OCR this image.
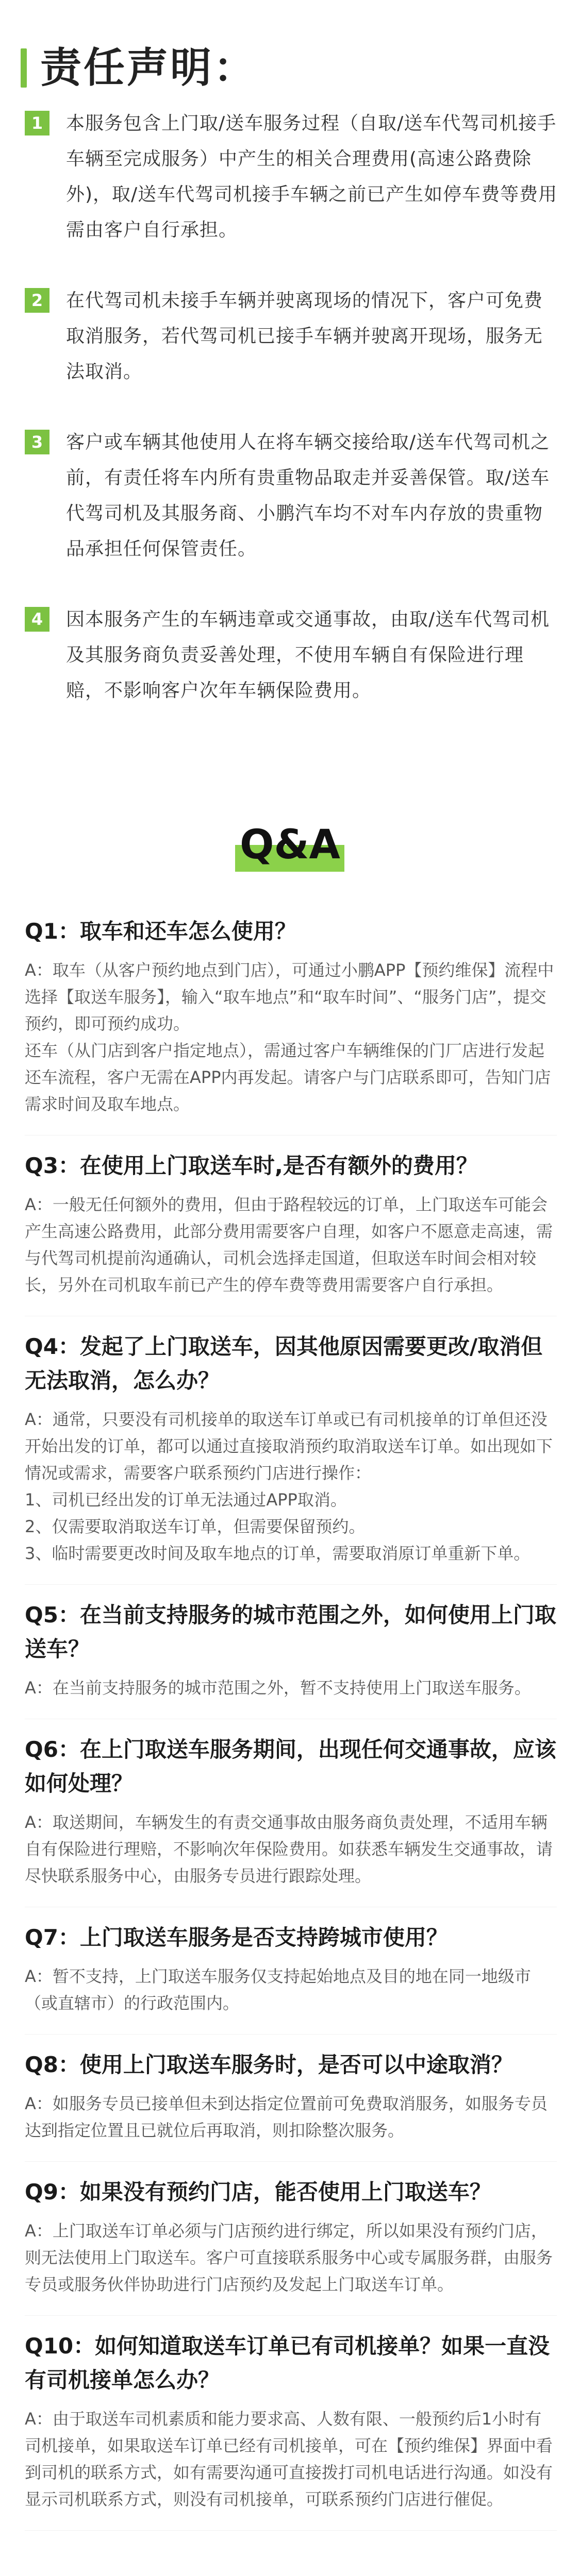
责任声明：
1	本服务包含上门取/送车服务过程（自取/送车代驾司机接手车辆至完成服务）中产生的相关合理费用(高速公路费除外)，取/送车代驾司机接手车辆之前已产生如停车费等费用需由客户自行承担。
2	在代驾司机未接手车辆并驶离现场的情况下，客户可免费取消服务，若代驾司机已接手车辆并驶离开现场，服务无法取消。
3	客户或车辆其他使用人在将车辆交接给取/送车代驾司机之前，有责任将车内所有贵重物品取走并妥善保管。取/送车代驾司机及其服务商、小鹏汽车均不对车内存放的贵重物品承担任何保管责任。
4	因本服务产生的车辆违章或交通事故，由取/送车代驾司机及其服务商负责妥善处理，不使用车辆自有保险进行理赔，不影响客户次年车辆保险费用。
Q&A
Q1：取车和还车怎么使用？
A：取车（从客户预约地点到门店），可通过小鹏APP【预约维保】流程中选择【取送车服务】，输入“取车地点”和“取车时间”、“服务门店”，提交预约，即可预约成功。
还车（从门店到客户指定地点），需通过客户车辆维保的门厂店进行发起还车流程，客户无需在APP内再发起。请客户与门店联系即可，告知门店需求时间及取车地点。
Q3：在使用上门取送车时,是否有额外的费用？
A：一般无任何额外的费用，但由于路程较远的订单，上门取送车可能会产生高速公路费用，此部分费用需要客户自理，如客户不愿意走高速，需与代驾司机提前沟通确认，司机会选择走国道，但取送车时间会相对较长，另外在司机取车前已产生的停车费等费用需要客户自行承担。
Q4：发起了上门取送车，因其他原因需要更改/取消但无法取消，怎么办？
A：通常，只要没有司机接单的取送车订单或已有司机接单的订单但还没开始出发的订单，都可以通过直接取消预约取消取送车订单。如出现如下情况或需求，需要客户联系预约门店进行操作：
1、司机已经出发的订单无法通过APP取消。
2、仅需要取消取送车订单，但需要保留预约。
3、临时需要更改时间及取车地点的订单，需要取消原订单重新下单。
Q5：在当前支持服务的城市范围之外，如何使用上门取送车？
A：在当前支持服务的城市范围之外，暂不支持使用上门取送车服务。
Q6：在上门取送车服务期间，出现任何交通事故，应该如何处理？
A：取送期间，车辆发生的有责交通事故由服务商负责处理，不适用车辆自有保险进行理赔，不影响次年保险费用。如获悉车辆发生交通事故，请尽快联系服务中心，由服务专员进行跟踪处理。
Q7：上门取送车服务是否支持跨城市使用？
A：暂不支持，上门取送车服务仅支持起始地点及目的地在同一地级市（或直辖市）的行政范围内。
Q8：使用上门取送车服务时，是否可以中途取消？
A：如服务专员已接单但未到达指定位置前可免费取消服务，如服务专员达到指定位置且已就位后再取消，则扣除整次服务。
Q9：如果没有预约门店，能否使用上门取送车？
A：上门取送车订单必须与门店预约进行绑定，所以如果没有预约门店，则无法使用上门取送车。客户可直接联系服务中心或专属服务群，由服务专员或服务伙伴协助进行门店预约及发起上门取送车订单。
Q10：如何知道取送车订单已有司机接单？如果一直没有司机接单怎么办？
A：由于取送车司机素质和能力要求高、人数有限、一般预约后1小时有司机接单，如果取送车订单已经有司机接单，可在【预约维保】界面中看到司机的联系方式，如有需要沟通可直接拨打司机电话进行沟通。如没有显示司机联系方式，则没有司机接单，可联系预约门店进行催促。
